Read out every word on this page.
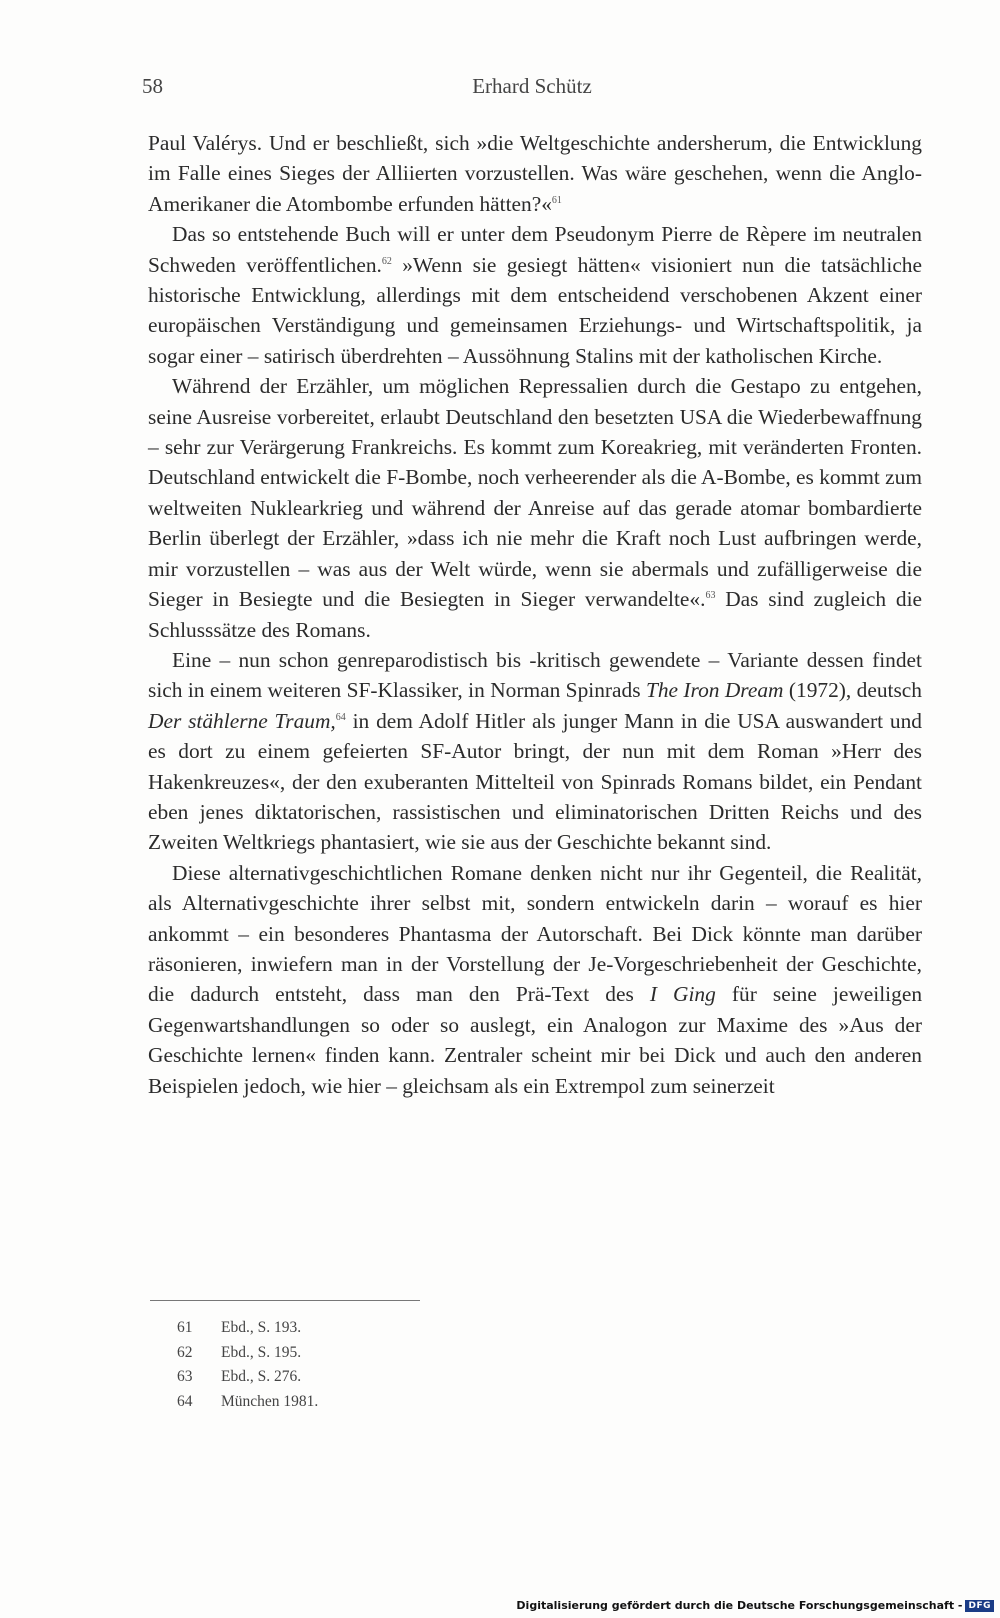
58	Erhard Schütz

Paul Valérys. Und er beschließt, sich »die Weltgeschichte andersherum, die Entwicklung im Falle eines Sieges der Alliierten vorzustellen. Was wäre geschehen, wenn die Anglo-Amerikaner die Atombombe erfunden hätten?«$^{61}$

Das so entstehende Buch will er unter dem Pseudonym Pierre de Rèpere im neutralen Schweden veröffentlichen.$^{62}$ »Wenn sie gesiegt hätten« visioniert nun die tatsächliche historische Entwicklung, allerdings mit dem entscheidend verschobenen Akzent einer europäischen Verständigung und gemeinsamen Erziehungs- und Wirtschaftspolitik, ja sogar einer – satirisch überdrehten – Aussöhnung Stalins mit der katholischen Kirche.

Während der Erzähler, um möglichen Repressalien durch die Gestapo zu entgehen, seine Ausreise vorbereitet, erlaubt Deutschland den besetzten USA die Wiederbewaffnung – sehr zur Verärgerung Frankreichs. Es kommt zum Koreakrieg, mit veränderten Fronten. Deutschland entwickelt die F-Bombe, noch verheerender als die A-Bombe, es kommt zum weltweiten Nuklearkrieg und während der Anreise auf das gerade atomar bombardierte Berlin überlegt der Erzähler, »dass ich nie mehr die Kraft noch Lust aufbringen werde, mir vorzustellen – was aus der Welt würde, wenn sie abermals und zufälligerweise die Sieger in Besiegte und die Besiegten in Sieger verwandelte«.$^{63}$ Das sind zugleich die Schlusssätze des Romans.

Eine – nun schon genreparodistisch bis -kritisch gewendete – Variante dessen findet sich in einem weiteren SF-Klassiker, in Norman Spinrads The Iron Dream (1972), deutsch Der stählerne Traum,$^{64}$ in dem Adolf Hitler als junger Mann in die USA auswandert und es dort zu einem gefeierten SF-Autor bringt, der nun mit dem Roman »Herr des Hakenkreuzes«, der den exuberanten Mittelteil von Spinrads Romans bildet, ein Pendant eben jenes diktatorischen, rassistischen und eliminatorischen Dritten Reichs und des Zweiten Weltkriegs phantasiert, wie sie aus der Geschichte bekannt sind.

Diese alternativgeschichtlichen Romane denken nicht nur ihr Gegenteil, die Realität, als Alternativgeschichte ihrer selbst mit, sondern entwickeln darin – worauf es hier ankommt – ein besonderes Phantasma der Autorschaft. Bei Dick könnte man darüber räsonieren, inwiefern man in der Vorstellung der Je-Vorgeschriebenheit der Geschichte, die dadurch entsteht, dass man den Prä-Text des I Ging für seine jeweiligen Gegenwartshandlungen so oder so auslegt, ein Analogon zur Maxime des »Aus der Geschichte lernen« finden kann. Zentraler scheint mir bei Dick und auch den anderen Beispielen jedoch, wie hier – gleichsam als ein Extrempol zum seinerzeit

61	Ebd., S. 193.
62	Ebd., S. 195.
63	Ebd., S. 276.
64	München 1981.
Digitalisierung gefördert durch die Deutsche Forschungsgemeinschaft - DFG
